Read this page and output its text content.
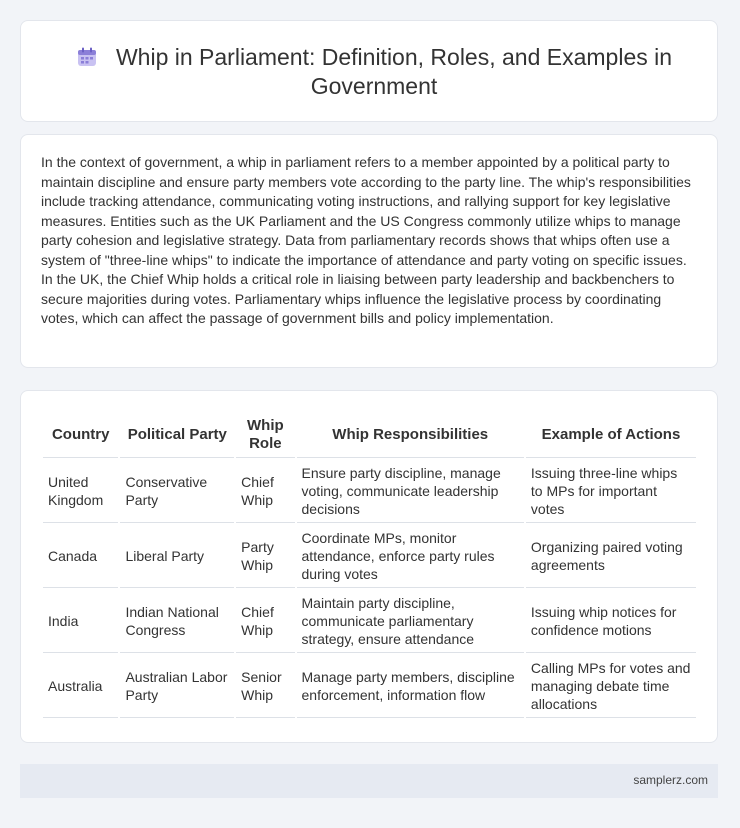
Whip in Parliament: Definition, Roles, and Examples in Government

In the context of government, a whip in parliament refers to a member appointed by a political party to maintain discipline and ensure party members vote according to the party line. The whip's responsibilities include tracking attendance, communicating voting instructions, and rallying support for key legislative measures. Entities such as the UK Parliament and the US Congress commonly utilize whips to manage party cohesion and legislative strategy. Data from parliamentary records shows that whips often use a system of "three-line whips" to indicate the importance of attendance and party voting on specific issues. In the UK, the Chief Whip holds a critical role in liaising between party leadership and backbenchers to secure majorities during votes. Parliamentary whips influence the legislative process by coordinating votes, which can affect the passage of government bills and policy implementation.

Country	Political Party	Whip Role	Whip Responsibilities	Example of Actions
United Kingdom	Conservative Party	Chief Whip	Ensure party discipline, manage voting, communicate leadership decisions	Issuing three-line whips to MPs for important votes
Canada	Liberal Party	Party Whip	Coordinate MPs, monitor attendance, enforce party rules during votes	Organizing paired voting agreements
India	Indian National Congress	Chief Whip	Maintain party discipline, communicate parliamentary strategy, ensure attendance	Issuing whip notices for confidence motions
Australia	Australian Labor Party	Senior Whip	Manage party members, discipline enforcement, information flow	Calling MPs for votes and managing debate time allocations
samplerz.com
